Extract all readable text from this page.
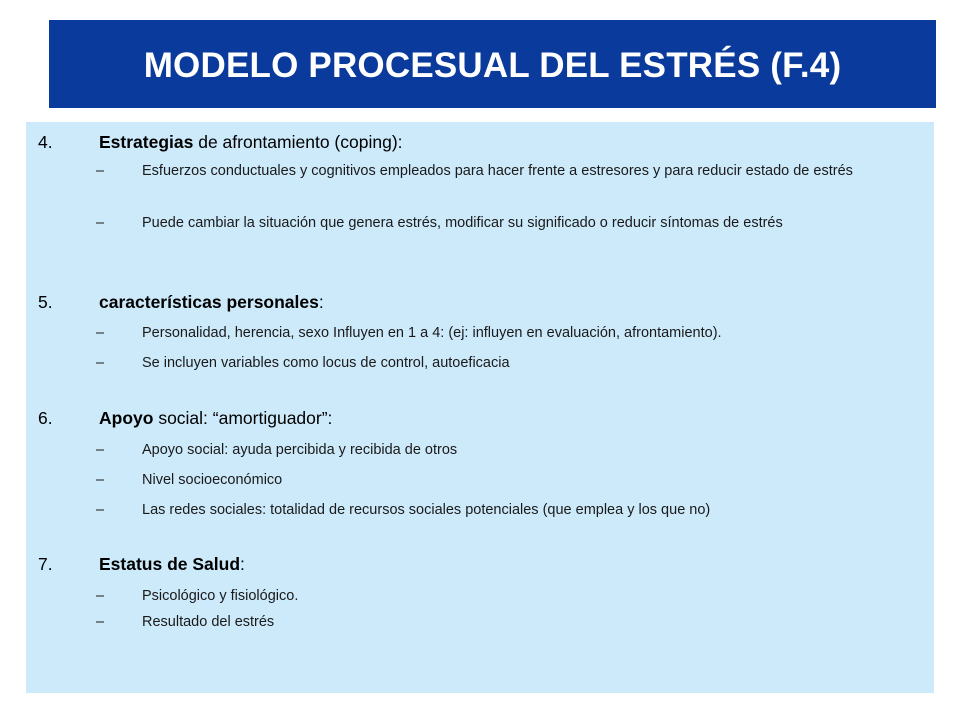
MODELO PROCESUAL DEL ESTRÉS (F.4)
4.	Estrategias de afrontamiento (coping):
–	Esfuerzos conductuales y cognitivos empleados para hacer frente a estresores y para reducir estado de estrés
–	Puede cambiar la situación que genera estrés, modificar su significado o reducir síntomas de estrés
5.	características personales:
–	Personalidad, herencia, sexo Influyen en 1 a 4: (ej: influyen en evaluación, afrontamiento).
–	Se incluyen variables como locus de control, autoeficacia
6.	Apoyo social: “amortiguador”:
–	Apoyo social: ayuda percibida y recibida de otros
–	Nivel socioeconómico
–	Las redes sociales: totalidad de recursos sociales potenciales (que emplea y los que no)
7.	Estatus de Salud:
–	Psicológico y fisiológico.
–	Resultado del estrés
